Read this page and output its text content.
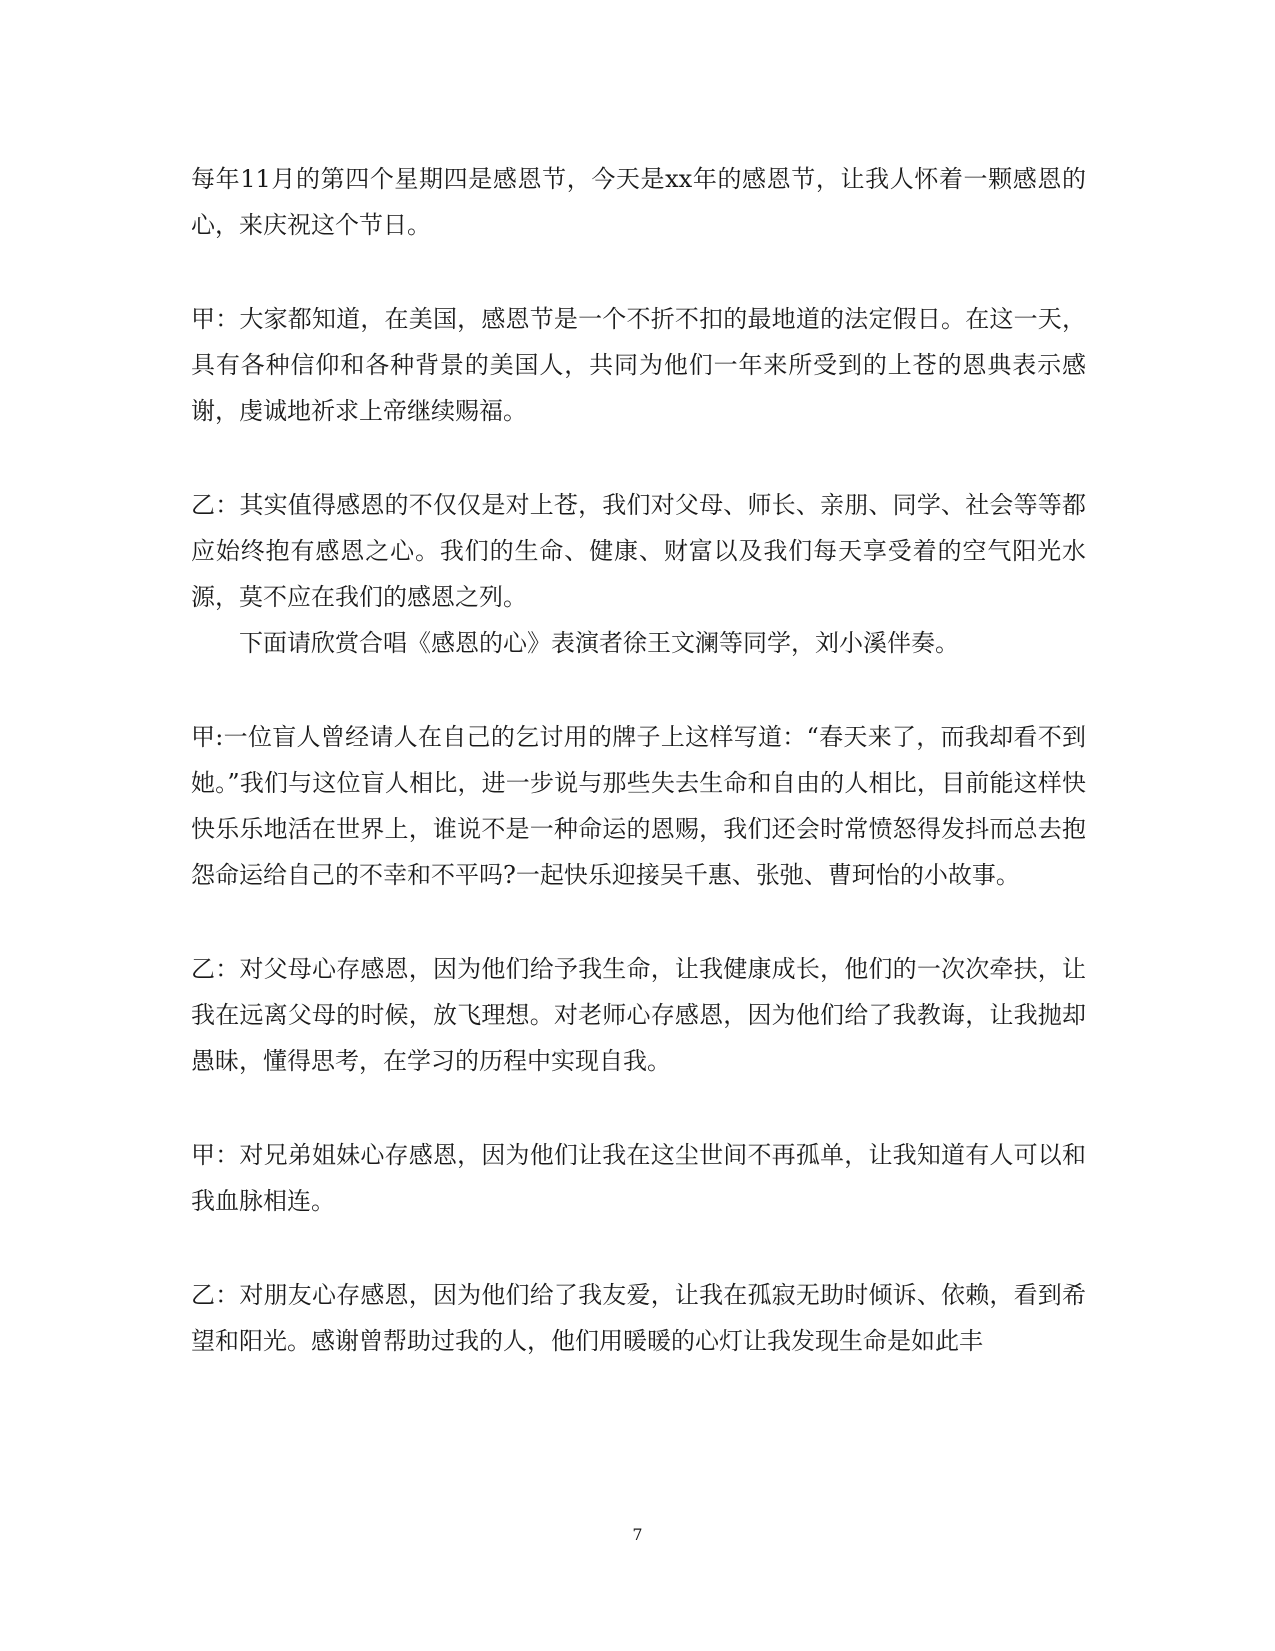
每年11月的第四个星期四是感恩节，今天是xx年的感恩节，让我人怀着一颗感恩的心，来庆祝这个节日。

甲：大家都知道，在美国，感恩节是一个不折不扣的最地道的法定假日。在这一天，具有各种信仰和各种背景的美国人，共同为他们一年来所受到的上苍的恩典表示感谢，虔诚地祈求上帝继续赐福。

乙：其实值得感恩的不仅仅是对上苍，我们对父母、师长、亲朋、同学、社会等等都应始终抱有感恩之心。我们的生命、健康、财富以及我们每天享受着的空气阳光水源，莫不应在我们的感恩之列。

下面请欣赏合唱《感恩的心》表演者徐王文澜等同学，刘小溪伴奏。

甲:一位盲人曾经请人在自己的乞讨用的牌子上这样写道：“春天来了，而我却看不到她。”我们与这位盲人相比，进一步说与那些失去生命和自由的人相比，目前能这样快快乐乐地活在世界上，谁说不是一种命运的恩赐，我们还会时常愤怒得发抖而总去抱怨命运给自己的不幸和不平吗?一起快乐迎接吴千惠、张弛、曹珂怡的小故事。

乙：对父母心存感恩，因为他们给予我生命，让我健康成长，他们的一次次牵扶，让我在远离父母的时候，放飞理想。对老师心存感恩，因为他们给了我教诲，让我抛却愚昧，懂得思考，在学习的历程中实现自我。

甲：对兄弟姐妹心存感恩，因为他们让我在这尘世间不再孤单，让我知道有人可以和我血脉相连。

乙：对朋友心存感恩，因为他们给了我友爱，让我在孤寂无助时倾诉、依赖，看到希望和阳光。感谢曾帮助过我的人，他们用暖暖的心灯让我发现生命是如此丰

7
